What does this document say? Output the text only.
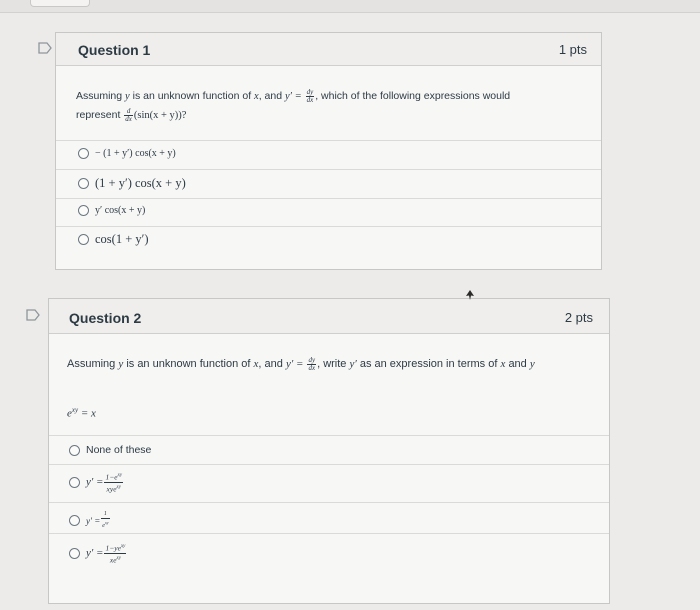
Question 1	1 pts
Assuming y is an unknown function of x, and $y' = \frac{dy}{dx}$ , which of the following expressions would
represent $\frac{d}{dx} (\sin(x + y))$?
− (1 + y′) cos(x + y)
(1 + y′) cos(x + y)
y′ cos(x + y)
cos(1 + y′)
Question 2	2 pts
Assuming y is an unknown function of x, and $y' = \frac{dy}{dx}$ , write y′ as an expression in terms of x and y
$e^{xy} = x$
None of these
$y' = \frac{1-e^{xy}}{xye^{xy}}$
$y' = \frac{1}{e^{xy}}$
$y' = \frac{1-ye^{xy}}{xe^{xy}}$
